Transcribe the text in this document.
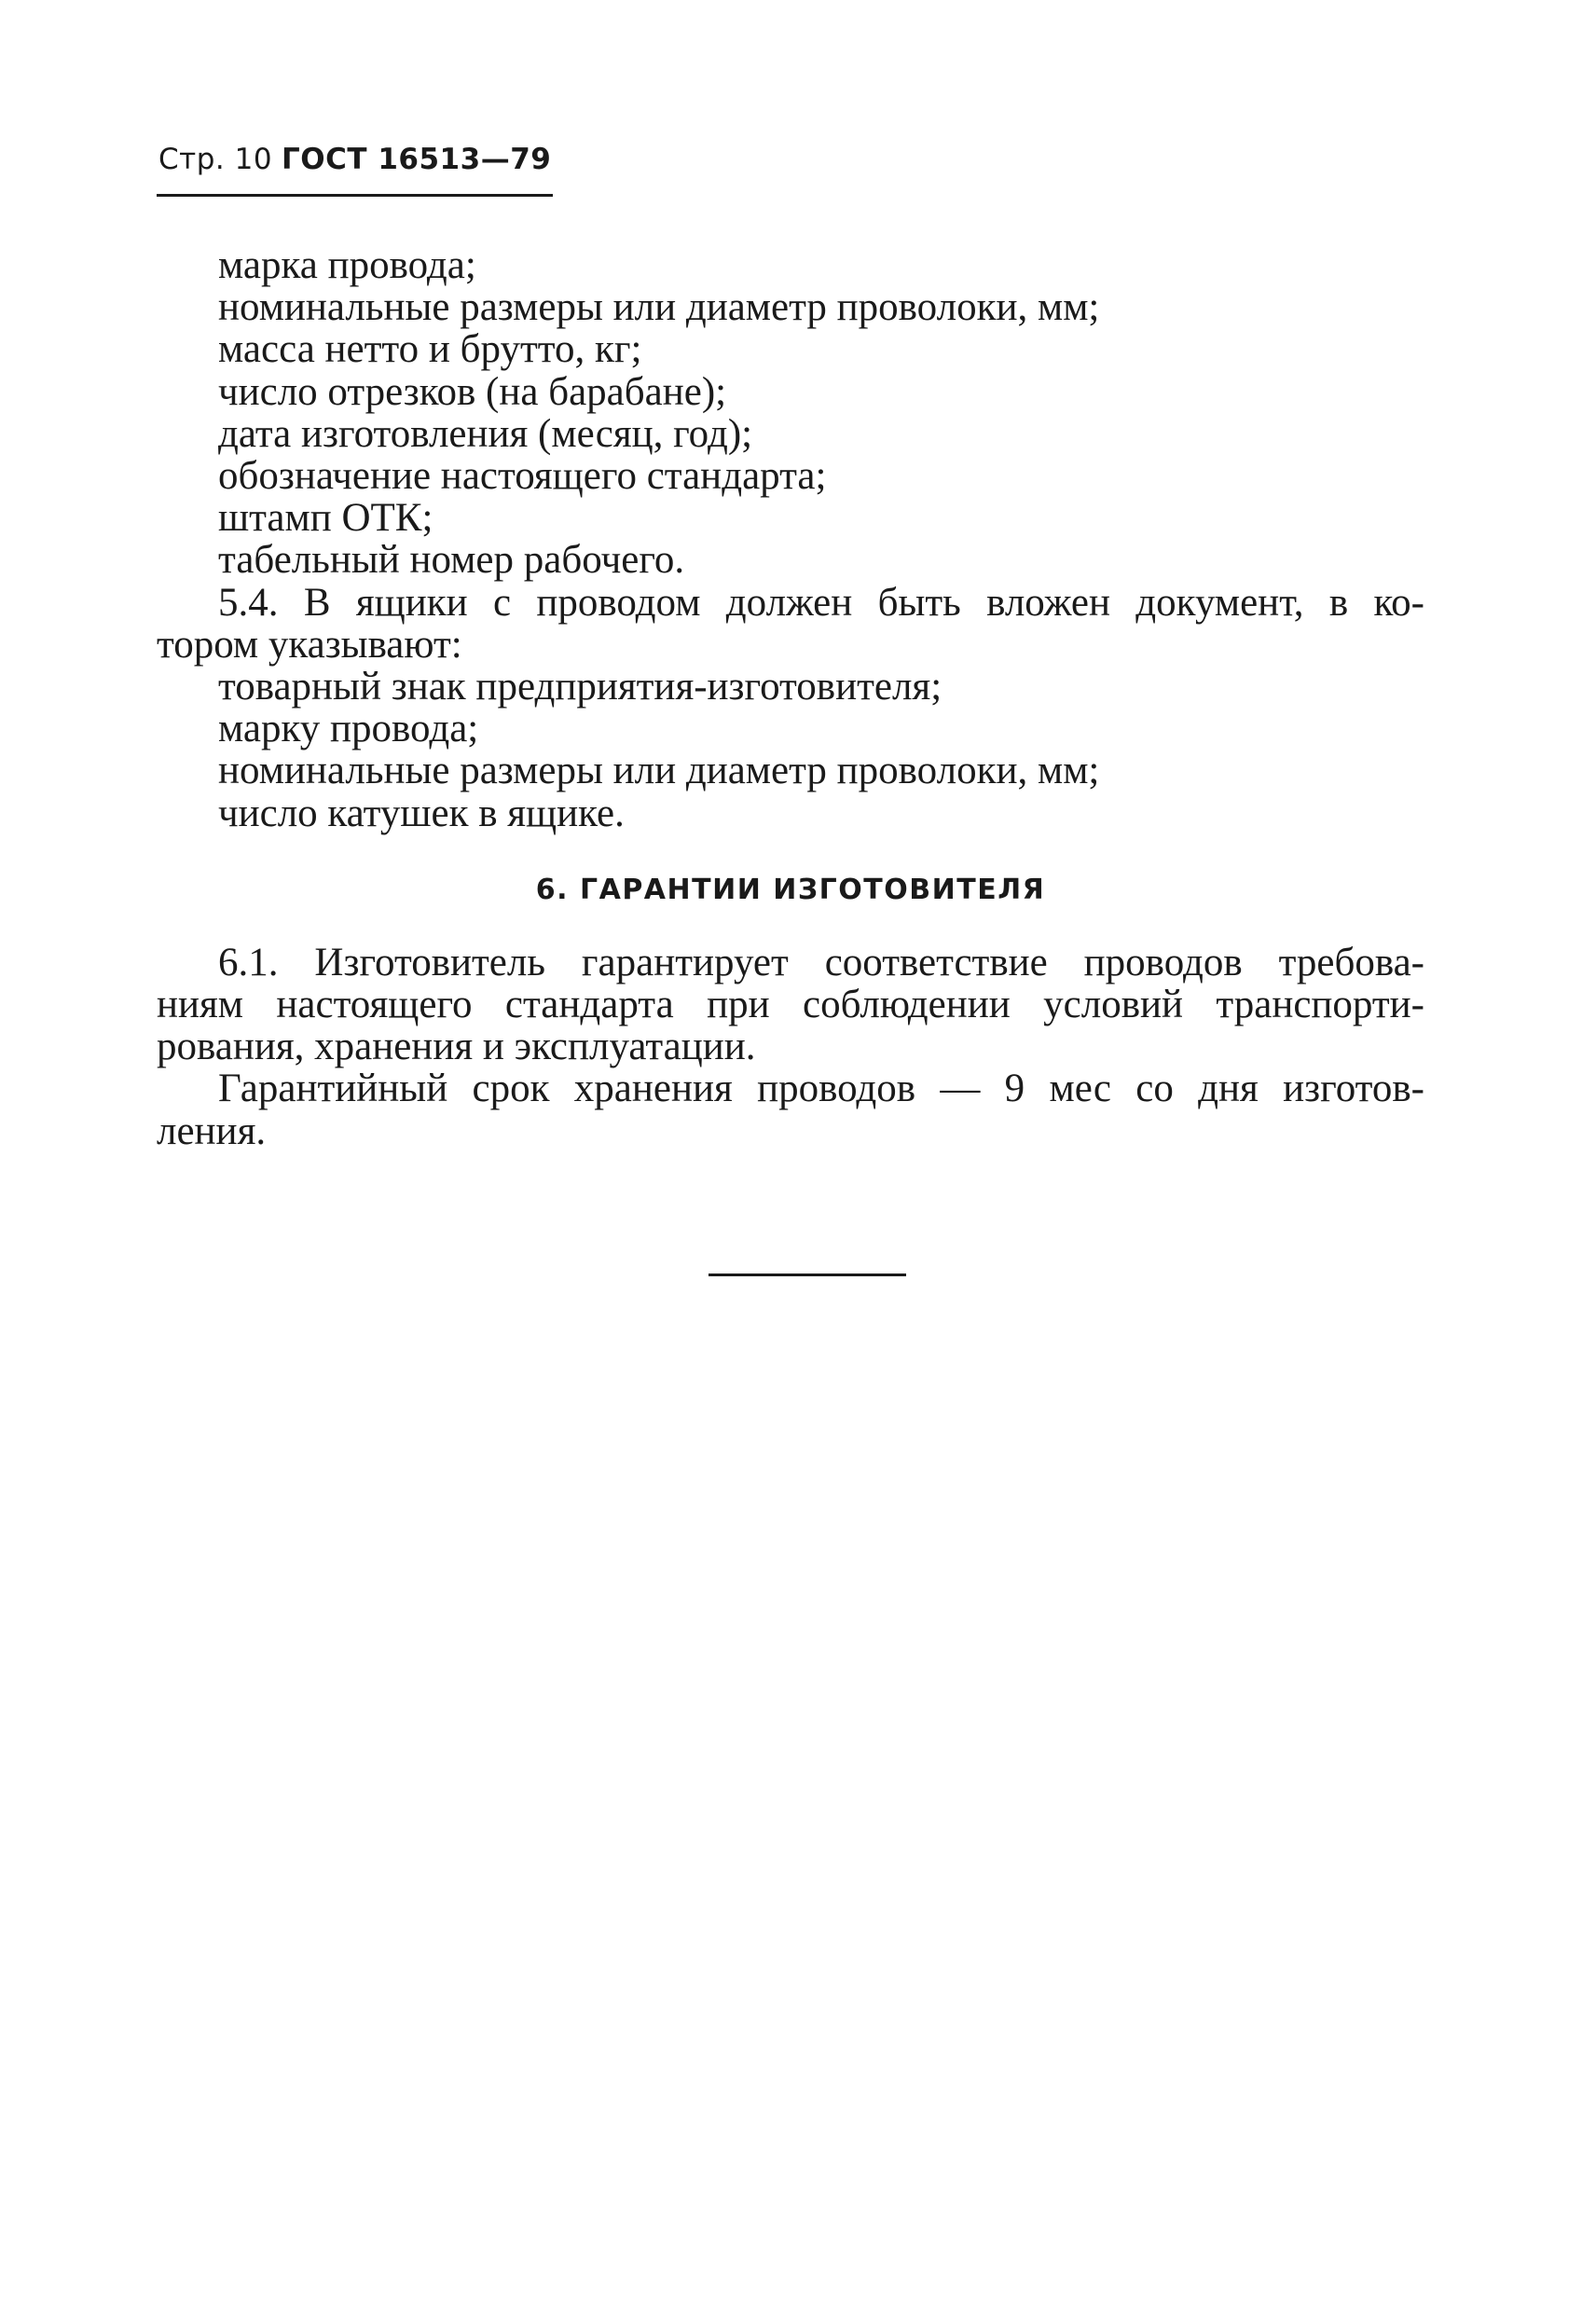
Стр. 10 ГОСТ 16513—79
марка провода;
номинальные размеры или диаметр проволоки, мм;
масса нетто и брутто, кг;
число отрезков (на барабане);
дата изготовления (месяц, год);
обозначение настоящего стандарта;
штамп ОТК;
табельный номер рабочего.
5.4. В ящики с проводом должен быть вложен документ, в ко-
тором указывают:
товарный знак предприятия-изготовителя;
марку провода;
номинальные размеры или диаметр проволоки, мм;
число катушек в ящике.
6. ГАРАНТИИ ИЗГОТОВИТЕЛЯ
6.1. Изготовитель гарантирует соответствие проводов требова-
ниям настоящего стандарта при соблюдении условий транспорти-
рования, хранения и эксплуатации.
Гарантийный срок хранения проводов — 9 мес со дня изготов-
ления.
